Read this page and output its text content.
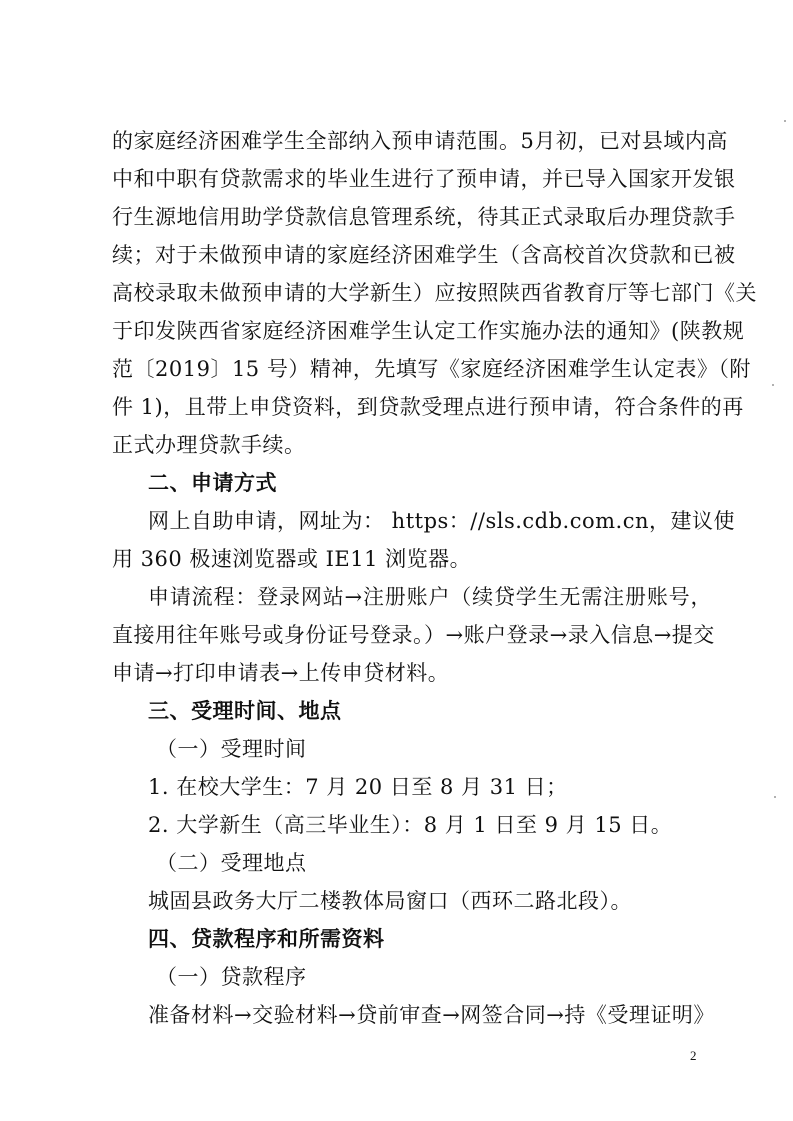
的家庭经济困难学生全部纳入预申请范围。5月初，已对县域内高
中和中职有贷款需求的毕业生进行了预申请，并已导入国家开发银
行生源地信用助学贷款信息管理系统，待其正式录取后办理贷款手
续；对于未做预申请的家庭经济困难学生（含高校首次贷款和已被
高校录取未做预申请的大学新生）应按照陕西省教育厅等七部门《关
于印发陕西省家庭经济困难学生认定工作实施办法的通知》(陕教规
范〔2019〕15 号）精神，先填写《家庭经济困难学生认定表》（附
件 1)，且带上申贷资料，到贷款受理点进行预申请，符合条件的再
正式办理贷款手续。
二、申请方式
网上自助申请，网址为： https：//sls.cdb.com.cn，建议使
用 360 极速浏览器或 IE11 浏览器。
申请流程：登录网站→注册账户（续贷学生无需注册账号，
直接用往年账号或身份证号登录。）→账户登录→录入信息→提交
申请→打印申请表→上传申贷材料。
三、受理时间、地点
（一）受理时间
1. 在校大学生：7 月 20 日至 8 月 31 日；
2. 大学新生（高三毕业生）：8 月 1 日至 9 月 15 日。
（二）受理地点
城固县政务大厅二楼教体局窗口（西环二路北段）。
四、贷款程序和所需资料
（一）贷款程序
准备材料→交验材料→贷前审查→网签合同→持《受理证明》
2
